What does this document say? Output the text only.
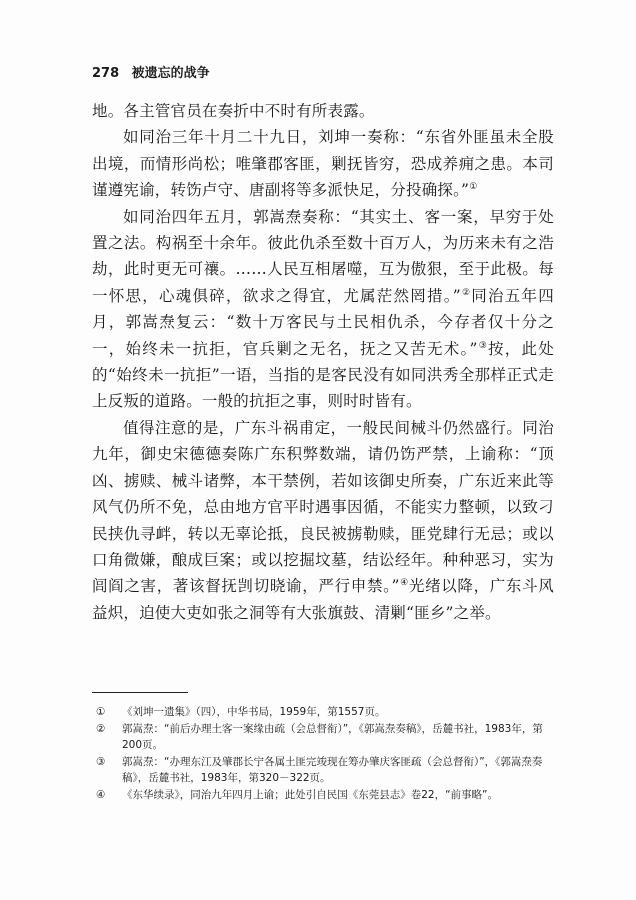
278 被遗忘的战争

地。各主管官员在奏折中不时有所表露。

如同治三年十月二十九日，刘坤一奏称：“东省外匪虽未全股出境，而情形尚松；唯肇郡客匪，剿抚皆穷，恐成养痈之患。本司谨遵宪谕，转饬卢守、唐副将等多派快足，分投确探。”①

如同治四年五月，郭嵩焘奏称：“其实土、客一案，早穷于处置之法。构祸至十余年。彼此仇杀至数十百万人，为历来未有之浩劫，此时更无可禳。……人民互相屠噬，互为傲狠，至于此极。每一怀思，心魂俱碎，欲求之得宜，尤属茫然罔措。”②同治五年四月，郭嵩焘复云：“数十万客民与土民相仇杀，今存者仅十分之一，始终未一抗拒，官兵剿之无名，抚之又苦无术。”③按，此处的“始终未一抗拒”一语，当指的是客民没有如同洪秀全那样正式走上反叛的道路。一般的抗拒之事，则时时皆有。

值得注意的是，广东斗祸甫定，一般民间械斗仍然盛行。同治九年，御史宋德德奏陈广东积弊数端，请仍饬严禁，上谕称：“顶凶、掳赎、械斗诸弊，本干禁例，若如该御史所奏，广东近来此等风气仍所不免，总由地方官平时遇事因循，不能实力整顿，以致刁民挟仇寻衅，转以无辜论抵，良民被掳勒赎，匪党肆行无忌；或以口角微嫌，酿成巨案；或以挖掘坟墓，结讼经年。种种恶习，实为闾阎之害，著该督抚剀切晓谕，严行申禁。”④光绪以降，广东斗风益炽，迫使大吏如张之洞等有大张旗鼓、清剿“匪乡”之举。

①	《刘坤一遗集》（四），中华书局，1959年，第1557页。
②	郭嵩焘：“前后办理土客一案缘由疏（会总督衔）”，《郭嵩焘奏稿》，岳麓书社，1983年，第200页。
③	郭嵩焘：“办理东江及肇郡长宁各属土匪完竣现在筹办肇庆客匪疏（会总督衔）”，《郭嵩焘奏稿》，岳麓书社，1983年，第320－322页。
④	《东华续录》，同治九年四月上谕；此处引自民国《东莞县志》卷22，“前事略”。
